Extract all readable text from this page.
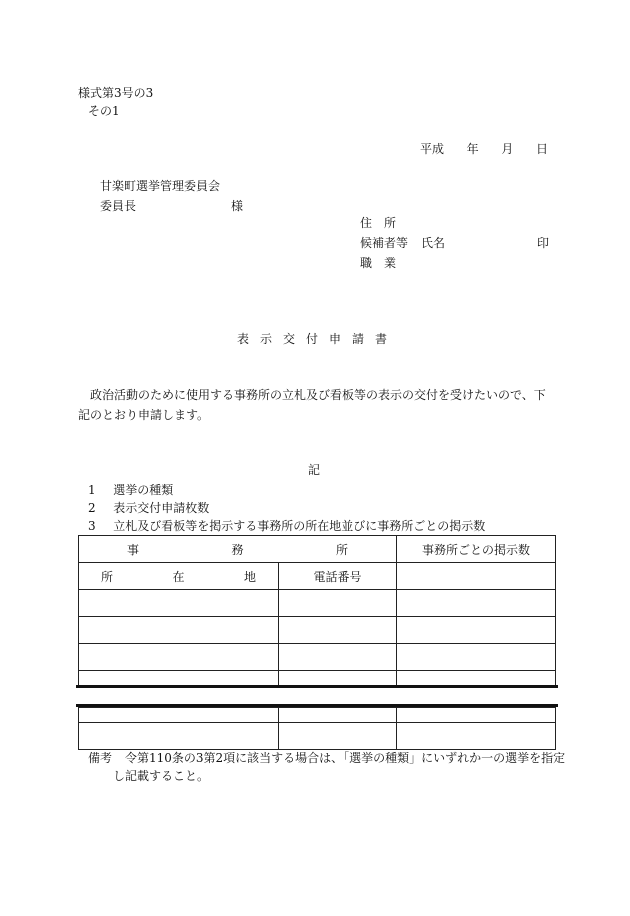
様式第3号の3
その1
平成 年 月 日
甘楽町選挙管理委員会
委員長	様
住　所
候補者等 氏名	印
職　業
表示交付申請書
政治活動のために使用する事務所の立札及び看板等の表示の交付を受けたいので、下記のとおり申請します。
記
1 選挙の種類
2 表示交付申請枚数
3 立札及び看板等を掲示する事務所の所在地並びに事務所ごとの掲示数
事 務 所		事務所ごとの掲示数

所 在 地	電話番号	

備考 令第110条の3第2項に該当する場合は、「選挙の種類」にいずれか一の選挙を指定
し記載すること。
